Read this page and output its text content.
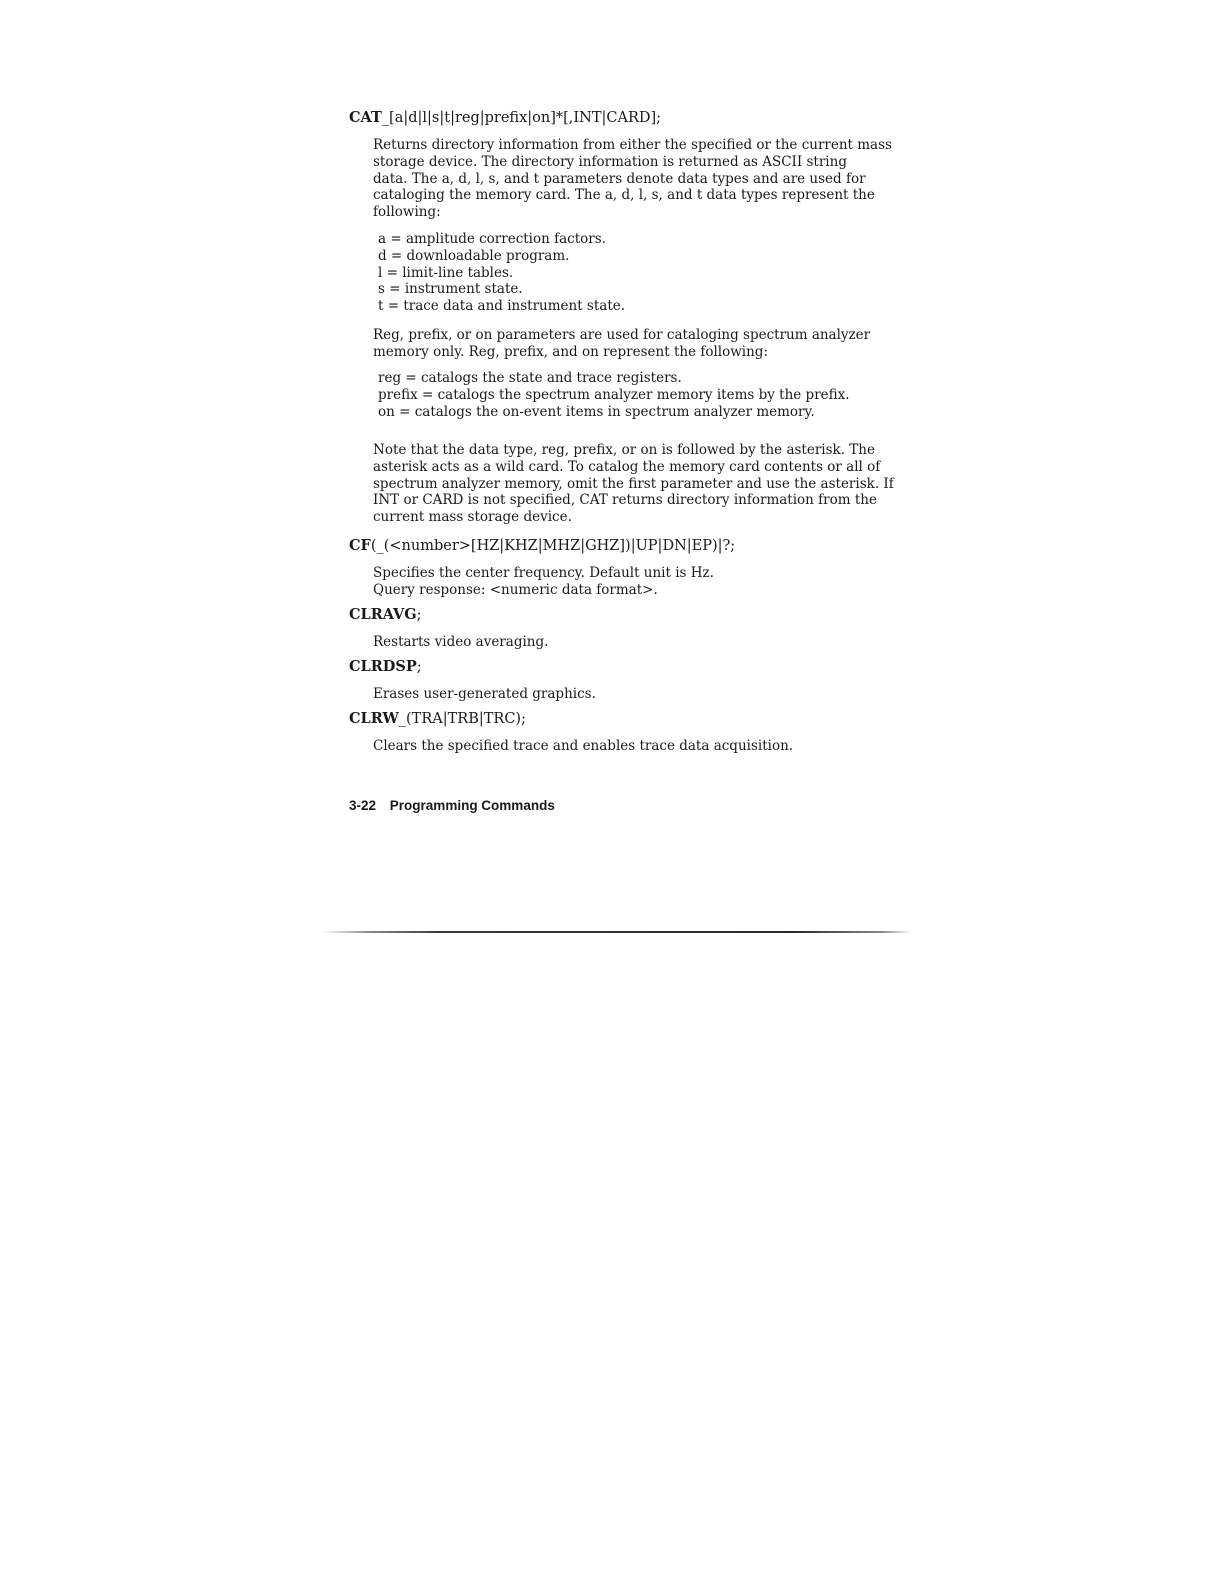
CAT_[a|d|l|s|t|reg|prefix|on]*[,INT|CARD];
Returns directory information from either the specified or the current mass
storage device. The directory information is returned as ASCII string
data. The a, d, l, s, and t parameters denote data types and are used for
cataloging the memory card. The a, d, l, s, and t data types represent the
following:
a = amplitude correction factors.
d = downloadable program.
l = limit-line tables.
s = instrument state.
t = trace data and instrument state.
Reg, prefix, or on parameters are used for cataloging spectrum analyzer
memory only. Reg, prefix, and on represent the following:
reg = catalogs the state and trace registers.
prefix = catalogs the spectrum analyzer memory items by the prefix.
on = catalogs the on-event items in spectrum analyzer memory.
Note that the data type, reg, prefix, or on is followed by the asterisk. The
asterisk acts as a wild card. To catalog the memory card contents or all of
spectrum analyzer memory, omit the first parameter and use the asterisk. If
INT or CARD is not specified, CAT returns directory information from the
current mass storage device.
CF(_(<number>[HZ|KHZ|MHZ|GHZ])|UP|DN|EP)|?;
Specifies the center frequency. Default unit is Hz.
Query response: <numeric data format>.
CLRAVG;
Restarts video averaging.
CLRDSP;
Erases user-generated graphics.
CLRW_(TRA|TRB|TRC);
Clears the specified trace and enables trace data acquisition.
3-22 Programming Commands
